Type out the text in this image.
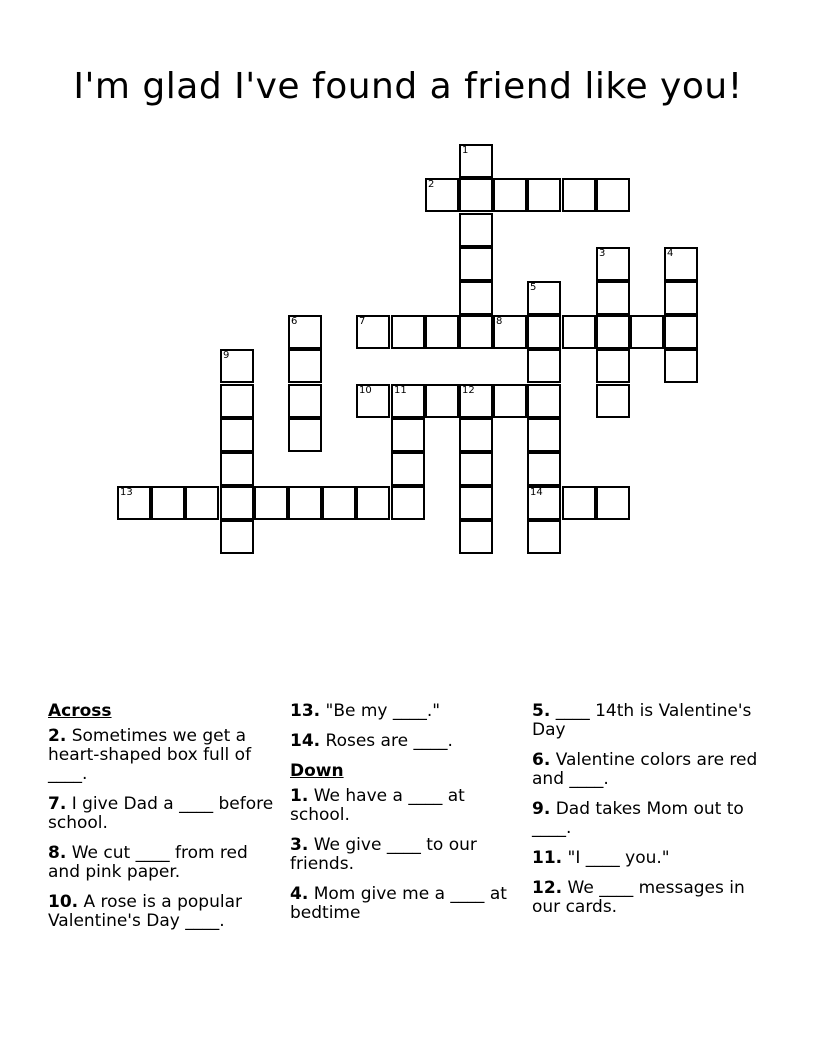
I'm glad I've found a friend like you!
1
2
3	4
5
6	7	8
9
10 11	12
13	14
Across
2. Sometimes we get a heart-shaped box full of ____.
7. I give Dad a ____ before school.
8. We cut ____ from red and pink paper.
10. A rose is a popular Valentine's Day ____.
13. "Be my ____."
14. Roses are ____.
Down
1. We have a ____ at school.
3. We give ____ to our friends.
4. Mom give me a ____ at bedtime
5. ____ 14th is Valentine's Day
6. Valentine colors are red and ____.
9. Dad takes Mom out to ____.
11. "I ____ you."
12. We ____ messages in our cards.
